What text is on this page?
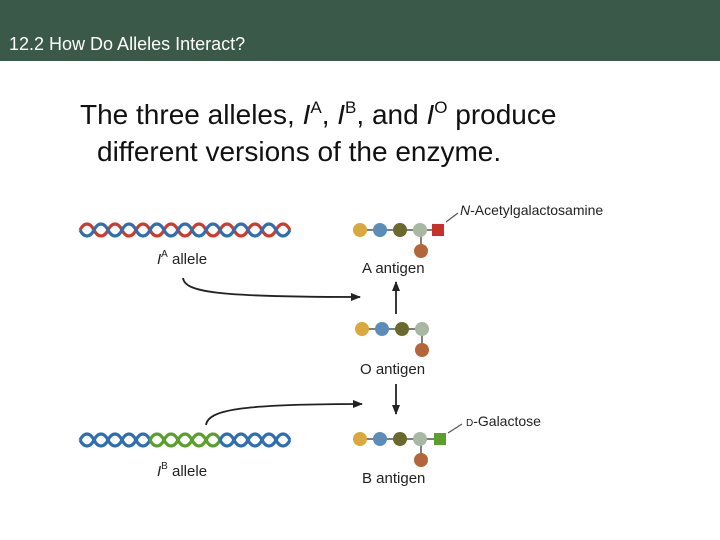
12.2 How Do Alleles Interact?
The three alleles, $I^A$, $I^B$, and $I^O$ produce
different versions of the enzyme.
$I^A$ allele
$I^B$ allele
N-Acetylgalactosamine
A antigen
O antigen
D-Galactose
B antigen
